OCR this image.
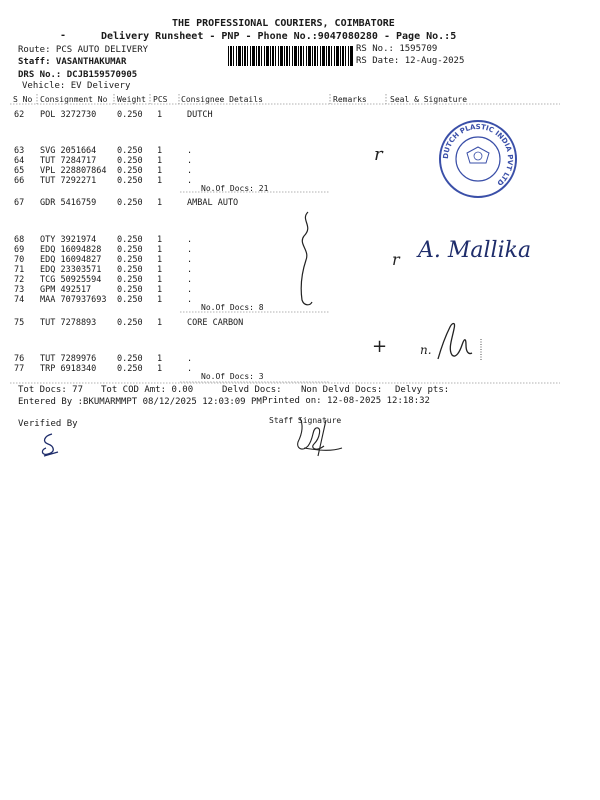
THE PROFESSIONAL COURIERS, COIMBATORE
-	Delivery Runsheet - PNP - Phone No.:9047080280 - Page No.:5
Route: PCS AUTO DELIVERY
Staff: VASANTHAKUMAR
DRS No.: DCJB159570905
Vehicle: EV Delivery
RS No.: 1595709
RS Date: 12-Aug-2025
S No Consignment No Weight PCS Consignee Details	Remarks	Seal & Signature
62 POL 3272730 0.250 1	DUTCH
63 SVG 2051664 0.250 1	.
64 TUT 7284717 0.250 1	.
65 VPL 228807864 0.250 1	.
66 TUT 7292271 0.250 1	.
No.Of Docs: 21
67 GDR 5416759 0.250 1	AMBAL AUTO
68 OTY 3921974 0.250 1	.
69 EDQ 16094828 0.250 1	.
70 EDQ 16094827 0.250 1	.
71 EDQ 23303571 0.250 1	.
72 TCG 50925594 0.250 1	.
73 GPM 492517	0.250 1	.
74 MAA 707937693 0.250 1	.
No.Of Docs: 8
75 TUT 7278893 0.250 1	CORE CARBON
76 TUT 7289976 0.250 1	.
77 TRP 6918340 0.250 1	.
No.Of Docs: 3
Tot Docs: 77 Tot COD Amt: 0.00	Delvd Docs: Non Delvd Docs: Delvy pts:
Entered By :BKUMARMMPT 08/12/2025 12:03:09 PM Printed on: 12-08-2025 12:18:32
Verified By	Staff Signature
DUTCH PLASTIC INDIA PVT LTD
r
r A. Mallika
+	n.
